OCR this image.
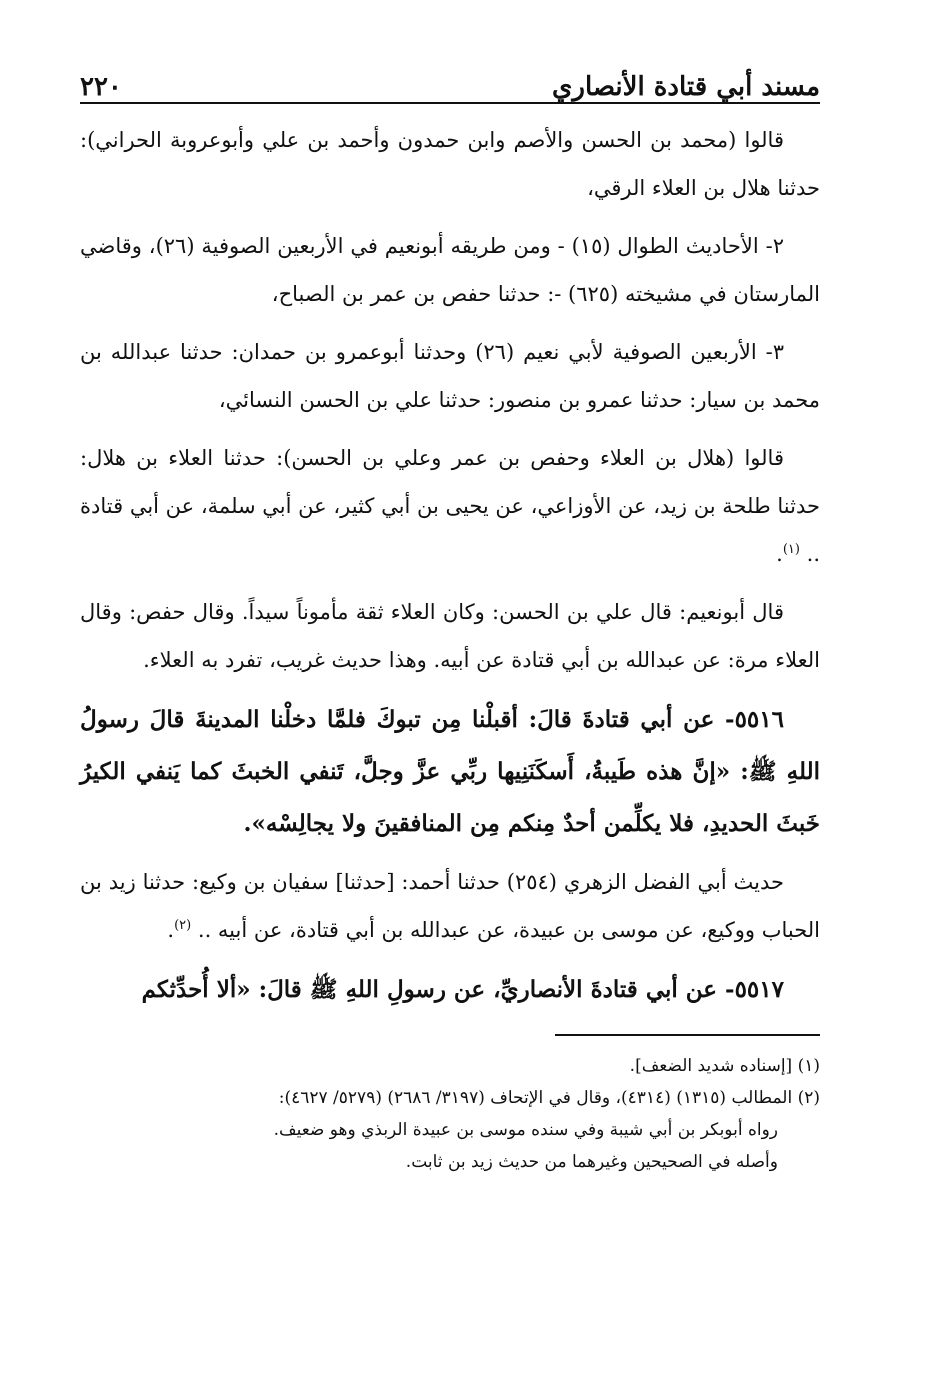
مسند أبي قتادة الأنصاري
٢٢٠

قالوا (محمد بن الحسن والأصم وابن حمدون وأحمد بن علي وأبوعروبة الحراني): حدثنا هلال بن العلاء الرقي،

٢- الأحاديث الطوال (١٥) - ومن طريقه أبونعيم في الأربعين الصوفية (٢٦)، وقاضي المارستان في مشيخته (٦٢٥) -: حدثنا حفص بن عمر بن الصباح،

٣- الأربعين الصوفية لأبي نعيم (٢٦) وحدثنا أبوعمرو بن حمدان: حدثنا عبدالله بن محمد بن سيار: حدثنا عمرو بن منصور: حدثنا علي بن الحسن النسائي،

قالوا (هلال بن العلاء وحفص بن عمر وعلي بن الحسن): حدثنا العلاء بن هلال: حدثنا طلحة بن زيد، عن الأوزاعي، عن يحيى بن أبي كثير، عن أبي سلمة، عن أبي قتادة .. $^{(١)}$.

قال أبونعيم: قال علي بن الحسن: وكان العلاء ثقة مأموناً سيداً. وقال حفص: وقال العلاء مرة: عن عبدالله بن أبي قتادة عن أبيه. وهذا حديث غريب، تفرد به العلاء.

٥٥١٦- عن أبي قتادةَ قالَ: أقبلْنا مِن تبوكَ فلمَّا دخلْنا المدينةَ قالَ رسولُ اللهِ ﷺ: «إنَّ هذه طَيبةُ، أَسكَنَنِيها ربِّي عزَّ وجلَّ، تَنفي الخبثَ كما يَنفي الكيرُ خَبثَ الحديدِ، فلا يكلِّمن أحدٌ مِنكم مِن المنافقينَ ولا يجالِسْه».

حديث أبي الفضل الزهري (٢٥٤) حدثنا أحمد: [حدثنا] سفيان بن وكيع: حدثنا زيد بن الحباب ووكيع، عن موسى بن عبيدة، عن عبدالله بن أبي قتادة، عن أبيه .. $^{(٢)}$.

٥٥١٧- عن أبي قتادةَ الأنصاريِّ، عن رسولِ اللهِ ﷺ قالَ: «ألا أُحدِّثكم

(١) [إسناده شديد الضعف].

(٢) المطالب (١٣١٥) (٤٣١٤)، وقال في الإتحاف (٣١٩٧/ ٢٦٨٦) (٥٢٧٩/ ٤٦٢٧):

رواه أبوبكر بن أبي شيبة وفي سنده موسى بن عبيدة الربذي وهو ضعيف.

وأصله في الصحيحين وغيرهما من حديث زيد بن ثابت.
